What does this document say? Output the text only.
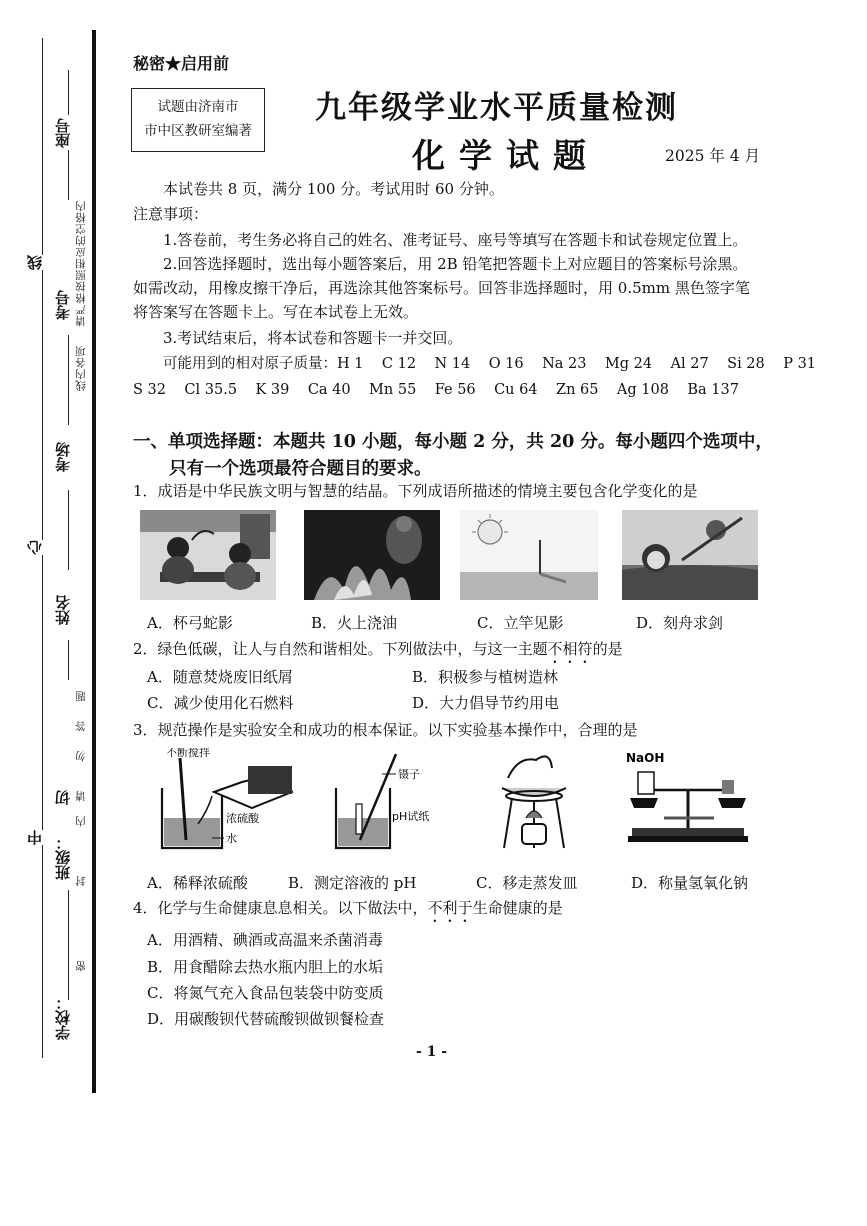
座号
请严格按照相应的空格内
线内各项
线
考号
考场
心
姓名
题
答
勿
请
内
封
密
切
中 班级：
学校：
秘密★启用前
试题由济南市
市中区教研室编著
九年级学业水平质量检测
化学试题	2025 年 4 月
本试卷共 8 页，满分 100 分。考试用时 60 分钟。
注意事项：
1.答卷前，考生务必将自己的姓名、准考证号、座号等填写在答题卡和试卷规定位置上。
2.回答选择题时，选出每小题答案后，用 2B 铅笔把答题卡上对应题目的答案标号涂黑。
如需改动，用橡皮擦干净后，再选涂其他答案标号。回答非选择题时，用 0.5mm 黑色签字笔
将答案写在答题卡上。写在本试卷上无效。
3.考试结束后，将本试卷和答题卡一并交回。
可能用到的相对原子质量：H 1    C 12    N 14    O 16    Na 23    Mg 24    Al 27    Si 28    P 31
S 32    Cl 35.5    K 39    Ca 40    Mn 55    Fe 56    Cu 64    Zn 65    Ag 108    Ba 137
一、单项选择题：本题共 10 小题，每小题 2 分，共 20 分。每小题四个选项中，
只有一个选项最符合题目的要求。
1．成语是中华民族文明与智慧的结晶。下列成语所描述的情境主要包含化学变化的是
A．杯弓蛇影	B．火上浇油	C．立竿见影	D．刻舟求剑
2．绿色低碳，让人与自然和谐相处。下列做法中，与这一主题不相符的是
A．随意焚烧废旧纸屑	B．积极参与植树造林
C．减少使用化石燃料	D．大力倡导节约用电
3．规范操作是实验安全和成功的根本保证。以下实验基本操作中，合理的是
不断搅拌
浓硫酸
水
镊子
pH试纸
NaOH
A．稀释浓硫酸	B．测定溶液的 pH	C．移走蒸发皿	D．称量氢氧化钠
4．化学与生命健康息息相关。以下做法中，不利于生命健康的是
A．用酒精、碘酒或高温来杀菌消毒
B．用食醋除去热水瓶内胆上的水垢
C．将氮气充入食品包装袋中防变质
D．用碳酸钡代替硫酸钡做钡餐检查
- 1 -
